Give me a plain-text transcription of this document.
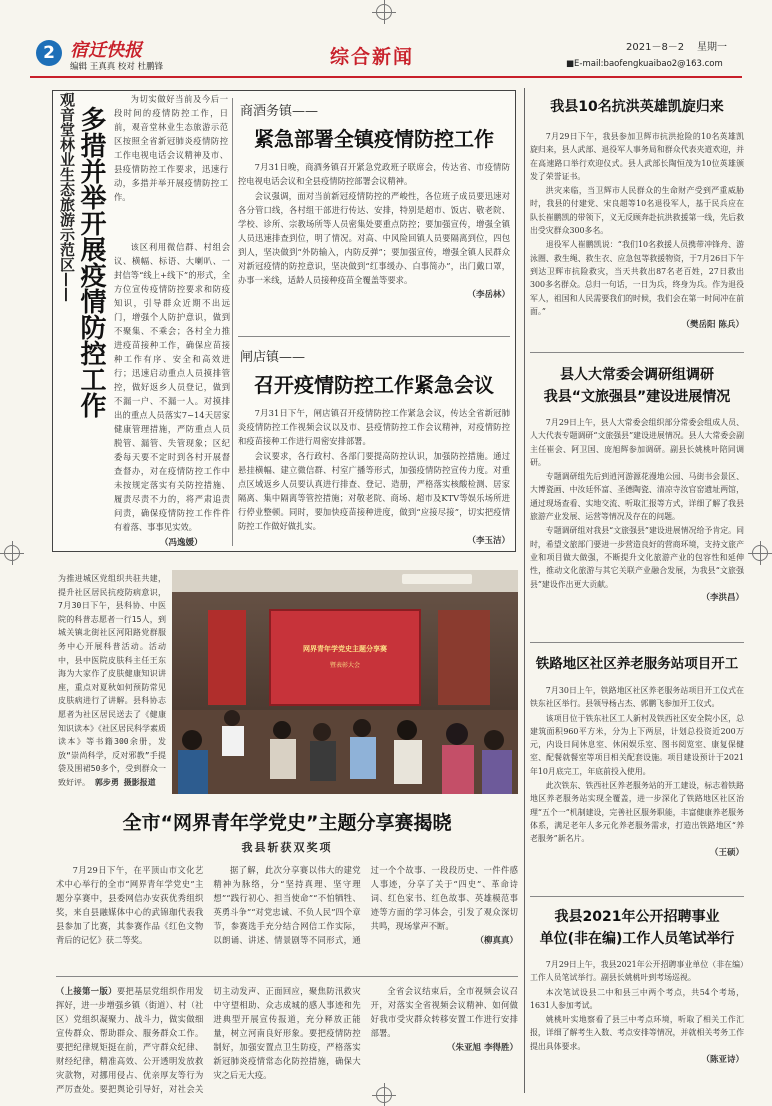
2 宿迁快报
编辑 王真真 校对 杜鹏锋	综合新闻	2021－8－2 星期一
■E-mail:baofengkuaibao2@163.com
观音堂林业生态旅游示范区—— 多措并举开展疫情防控工作

为切实做好当前及今后一段时间的疫情防控工作，日前，观音堂林业生态旅游示范区按照全省新冠肺炎疫情防控工作电视电话会议精神及市、县疫情防控工作要求，迅速行动，多措并举开展疫情防控工作。

该区利用微信群、村组会议、横幅、标语、大喇叭、一封信等“线上+线下”的形式，全方位宣传疫情防控要求和防疫知识，引导群众近期不出远门，增强个人防护意识，做到不聚集、不乘会；各村全力推进疫苗接种工作，确保应苗接种工作有序、安全和高效进行；迅速启动重点人员摸排管控，做好返乡人员登记，做到不漏一户、不漏一人。对摸排出的重点人员落实7−14天居家健康管理措施，严防重点人员脱管、漏管、失管现象；区纪委每天要不定时到各村开展督查督办，对在疫情防控工作中未按规定落实有关防控措施、履责尽责不力的，将严肃追责问责，确保疫情防控工作件件有着落、事事见实效。

（冯逸媛）
商酒务镇——
紧急部署全镇疫情防控工作

7月31日晚，商酒务镇召开紧急党政班子联席会，传达省、市疫情防控电视电话会议和全县疫情防控部署会议精神。

会议强调，面对当前新冠疫情防控的严峻性，各位班子成员要迅速对各分管口线，各村组干部进行传达、安排，特别是超市、饭店、敬老院、学校、诊所、宗教场所等人员密集处要重点防控；要加强宣传，增强全镇人员迅速排查到位，明了情况。对高、中风险回镇人员要隔离到位，四包到人，坚决做到“外防输入，内防反弹”；要加强宣传，增强全镇人民群众对新冠疫情的防控意识，坚决做到“红事缓办、白事简办”，出门戴口罩，办事一米线，适龄人员接种疫苗全覆盖等要求。

（李岳林）

闸店镇——
召开疫情防控工作紧急会议

7月31日下午，闸店镇召开疫情防控工作紧急会议，传达全省新冠肺炎疫情防控工作视频会议以及市、县疫情防控工作会议精神，对疫情防控和疫苗接种工作进行周密安排部署。

会议要求，各行政村、各部门要提高防控认识，加强防控措施。通过悬挂横幅、建立微信群、村室广播等形式，加强疫情防控宣传力度。对重点区域返乡人员要认真进行排查、登记、造册，严格落实核酸检测、居家隔离、集中隔离等管控措施；对敬老院、商场、超市及KTV等娱乐场所进行停业整顿。同时，要加快疫苗接种进度，做到“应接尽接”，切实把疫情防控工作做好做扎实。

（李玉洁）

我县10名抗洪英雄凯旋归来

7月29日下午，我县参加卫辉市抗洪抢险的10名英雄凯旋归来，县人武部、退役军人事务局和群众代表夹道欢迎，并在高速路口举行欢迎仪式。县人武部长陶恒茂为10位英雄颁发了荣誉证书。

洪灾来临，当卫辉市人民群众的生命财产受到严重威胁时，我县的付建党、宋良超等10名退役军人，基于民兵应在队长崔鹏凯的带领下，义无反顾奔赴抗洪救援第一线，先后救出受灾群众300多名。

退役军人崔鹏凯说：“我们10名救援人员携带冲锋舟、游泳圈、救生绳、救生衣、应急包等救援物资，于7月26日下午到达卫辉市抗险救灾，当天共救出87名老百姓，27日救出300多名群众。总归一句话，一日为兵，终身为兵。作为退役军人，祖国和人民需要我们的时候，我们会在第一时间冲在前面。”

（樊岳阳 陈兵）

县人大常委会调研组调研
我县“文旅强县”建设进展情况

7月29日上午，县人大常委会组织部分常委会组成人员、人大代表专题调研“文旅强县”建设进展情况。县人大常委会副主任崔会、阿卫国、庞旭辉参加调研。副县长姚桃叶陪同调研。

专题调研组先后到逍河游源花漫地公园、马街书会景区、大博瓷画、中汝廷怀富、圣德陶瓷、清凉寺汝官窑遗址两馆，通过现场查看、实地交流、听取汇报等方式，详细了解了我县旅游产业发展、运营等情况及存在的问题。

专题调研组对我县“文旅强县”建设进展情况给予肯定。同时，希望文旅部门要进一步营造良好的营商环境，支持文旅产业和项目做大做强，不断提升文化旅游产业的包容性和延伸性，推动文化旅游与其它关联产业融合发展，为我县“文旅强县”建设作出更大贡献。

（李洪昌）

铁路地区社区养老服务站项目开工

7月30日上午，铁路地区社区养老服务站项目开工仪式在铁东社区举行。县领导杨占杰、郭鹏飞参加开工仪式。

该项目位于铁东社区工人新村及铁西社区安全院小区，总建筑面积960平方米，分为上下两层，计划总投资近200万元，内设日间休息室、休闲娱乐室、图书阅览室、康复保健室、配餐就餐室等项目相关配套设施。项目建设预计于2021年10月底完工，年底前投入使用。

此次铁东、铁西社区养老服务站的开工建设，标志着铁路地区养老服务站实现全覆盖，进一步深化了铁路地区社区治理“五个一”机制建设，完善社区服务职能，丰富健康养老服务体系，满足老年人多元化养老服务需求，打造出铁路地区“养老服务”新名片。

（王硕）

我县2021年公开招聘事业
单位(非在编)工作人员笔试举行

7月29日上午，我县2021年公开招聘事业单位（非在编）工作人员笔试举行。副县长姚桃叶到考场巡视。

本次笔试设县二中和县三中两个考点，共54个考场，1631人参加考试。

姚桃叶实地察看了县三中考点环境，听取了相关工作汇报，详细了解考生入数、考点安排等情况，并就相关考务工作提出具体要求。

（陈亚诗）

为推进城区党组织共驻共建，提升社区居民抗疫防病意识，7月30日下午，县科协、中医院的科普志愿者一行15人，到城关镇北街社区河阳路党群服务中心开展科普活动。活动中，县中医院皮肤科主任王东海为大家作了皮肤健康知识讲座，重点对夏秋如何预防常见皮肤病进行了讲解。县科协志愿者为社区居民送去了《健康知识读本》《社区居民科学素质读本》等书籍300余册，发放“崇尚科学，反对邪教”手提袋及围裙50多个，受到群众一致好评。 郭步勇 摄影报道
网界青年学党史主题分享赛
暨表彰大会
全市“网界青年学党史”主题分享赛揭晓
我县斩获双奖项

7月29日下午，在平顶山市文化艺术中心举行的全市“网界青年学党史”主题分享赛中，县委网信办安荻优秀组织奖，来自县融媒体中心的武锦珈代表我县参加了比赛，其参赛作品《红色文物背后的记忆》获二等奖。

据了解，此次分享赛以伟大的建党精神为脉络，分“坚持真理、坚守理想”“践行初心、担当使命”“不怕牺牲、英勇斗争”“对党忠诚、不负人民”四个章节，参赛选手充分结合网信工作实际，以朗诵、讲述、情景剧等不同形式，通过一个个故事、一段段历史、一件件感人事迹，分享了关于“四史”、革命诗词、红色家书、红色故事、英雄模范事迹等方面的学习体会，引发了观众深切共鸣，现场掌声不断。

（柳真真）

（上接第一版）要把基层党组织作用发挥好，进一步增强乡镇（街道）、村（社区）党组织凝聚力、战斗力，做实做细宣传群众、帮助群众、服务群众工作。要把纪律规矩挺在前，严守群众纪律、财经纪律，精准高效、公开透明发放救灾款物，对挪用侵占、优亲厚友等行为严厉查处。要把舆论引导好，对社会关切主动发声、正面回应，聚焦防汛救灾中守望相助、众志成城的感人事迹和先进典型开展宣传报道，充分释放正能量，树立河南良好形象。要把疫情防控制好，加强安置点卫生防疫，严格落实新冠肺炎疫情常态化防控措施，确保大灾之后无大疫。

全省会议结束后，全市视频会议召开，对落实全省视频会议精神、如何做好我市受灾群众转移安置工作进行安排部署。

（朱亚旭 李得胜）
